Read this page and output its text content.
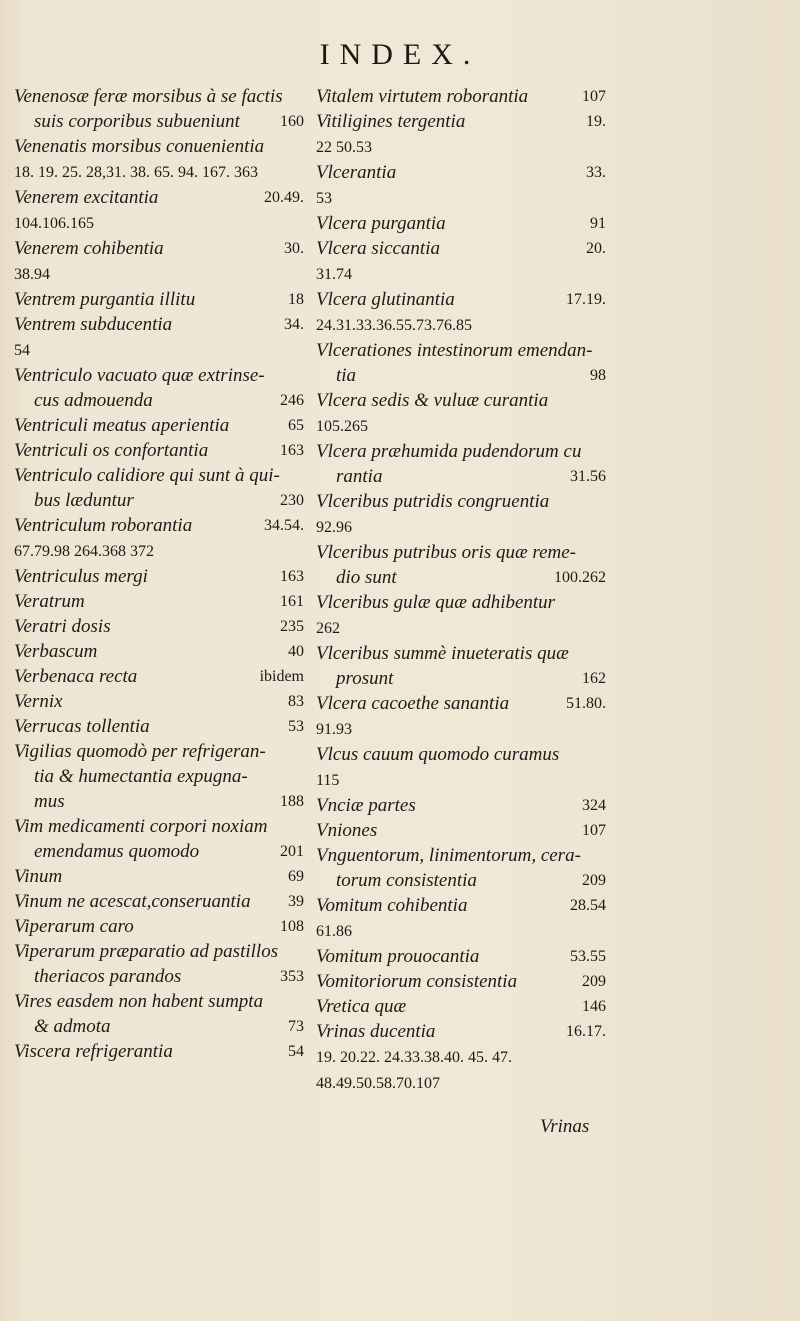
INDEX.
Venenosæ feræ morsibus à se factis
suis corporibus subueniunt	160
Venenatis morsibus conuenientia
18. 19. 25. 28,31. 38. 65. 94. 167. 363
Venerem excitantia	20.49.
104.106.165
Venerem cohibentia	30.
38.94
Ventrem purgantia illitu	18
Ventrem subducentia	34.
54
Ventriculo vacuato quæ extrinse-
cus admouenda	246
Ventriculi meatus aperientia	65
Ventriculi os confortantia	163
Ventriculo calidiore qui sunt à qui-
bus læduntur	230
Ventriculum roborantia	34.54.
67.79.98 264.368 372
Ventriculus mergi	163
Veratrum	161
Veratri dosis	235
Verbascum	40
Verbenaca recta	ibidem
Vernix	83
Verrucas tollentia	53
Vigilias quomodò per refrigeran-
tia & humectantia expugna-
mus	188
Vim medicamenti corpori noxiam
emendamus quomodo	201
Vinum	69
Vinum ne acescat,conseruantia 39
Viperarum caro	108
Viperarum præparatio ad pastillos
theriacos parandos	353
Vires easdem non habent sumpta
& admota	73
Viscera refrigerantia	54
Vitalem virtutem roborantia	107
Vitiligines tergentia	19.
22 50.53
Vlcerantia	33.
53
Vlcera purgantia	91
Vlcera siccantia	20.
31.74
Vlcera glutinantia	17.19.
24.31.33.36.55.73.76.85
Vlcerationes intestinorum emendan-
tia	98
Vlcera sedis & vuluæ curantia
105.265
Vlcera præhumida pudendorum cu
rantia	31.56
Vlceribus putridis congruentia
92.96
Vlceribus putribus oris quæ reme-
dio sunt	100.262
Vlceribus gulæ quæ adhibentur
262
Vlceribus summè inueteratis quæ
prosunt	162
Vlcera cacoethe sanantia	51.80.
91.93
Vlcus cauum quomodo curamus
115
Vnciæ partes	324
Vniones	107
Vnguentorum, linimentorum, cera-
torum consistentia	209
Vomitum cohibentia	28.54
61.86
Vomitum prouocantia	53.55
Vomitoriorum consistentia	209
Vretica quæ	146
Vrinas ducentia	16.17.
19. 20.22. 24.33.38.40. 45. 47. 48.49.50.58.70.107
Vrinas
